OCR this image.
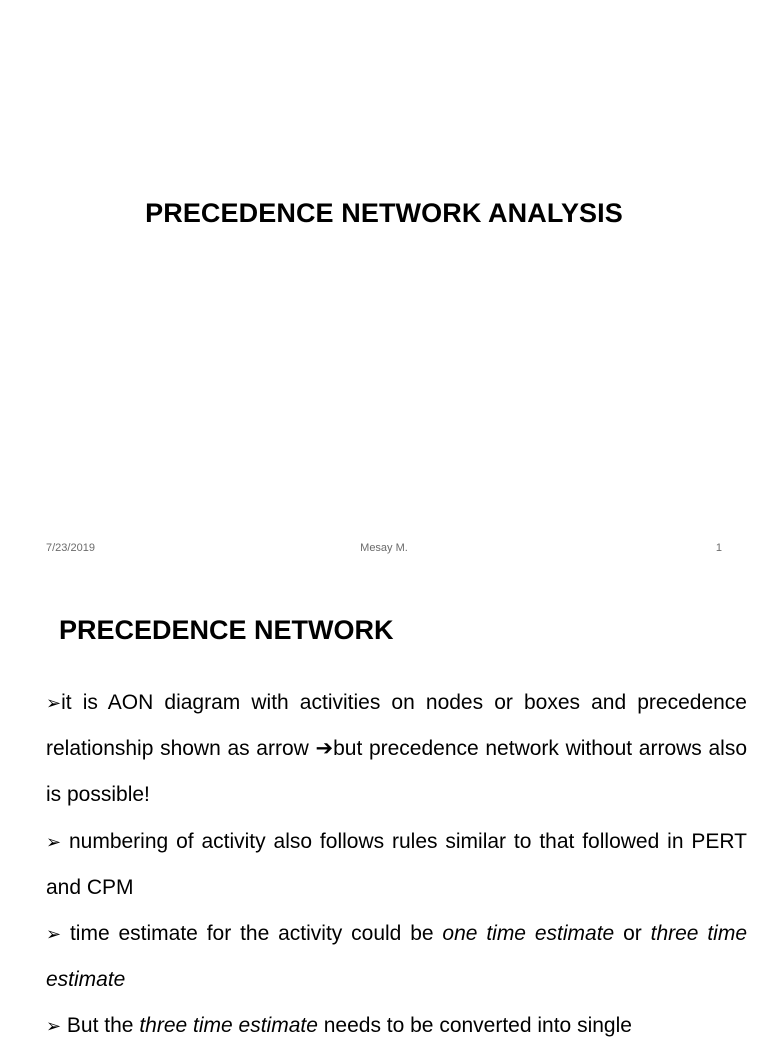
PRECEDENCE NETWORK ANALYSIS
7/23/2019	Mesay M.	1
PRECEDENCE NETWORK

➢it is AON diagram with activities on nodes or boxes and precedence relationship shown as arrow ➔but precedence network without arrows also is possible!

➢ numbering of activity also follows rules similar to that followed in PERT and CPM

➢ time estimate for the activity could be one time estimate or three time estimate

➢ But the three time estimate needs to be converted into single
